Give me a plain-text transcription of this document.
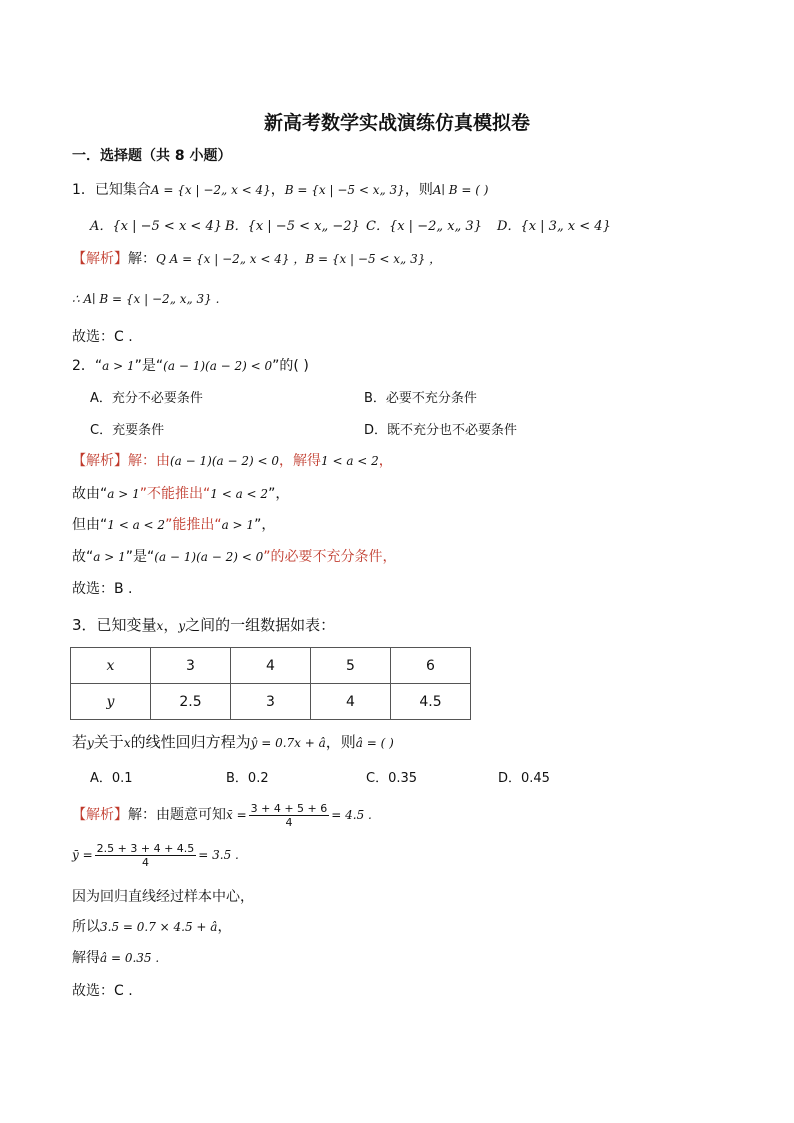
新高考数学实战演练仿真模拟卷
一．选择题（共 8 小题）
1．已知集合A = {x | −2„ x < 4}，B = {x | −5 < x„ 3}，则A∣ B = ( )
A．{x | −5 < x < 4} B．{x | −5 < x„ −2} C．{x | −2„ x„ 3} D．{x | 3„ x < 4}
【解析】解：Q A = {x | −2„ x < 4} ，B = {x | −5 < x„ 3} ，
∴ A∣ B = {x | −2„ x„ 3} .
故选：C .
2．“a > 1”是“(a − 1)(a − 2) < 0”的( )
A．充分不必要条件	B．必要不充分条件
C．充要条件	D．既不充分也不必要条件
【解析】解：由(a − 1)(a − 2) < 0，解得1 < a < 2，
故由“a > 1”不能推出“1 < a < 2”，
但由“1 < a < 2”能推出“a > 1”，
故“a > 1”是“(a − 1)(a − 2) < 0”的必要不充分条件，
故选：B .
3．已知变量x，y之间的一组数据如表：
x	3	4	5	6
y	2.5	3	4	4.5
若y关于x的线性回归方程为ŷ = 0.7x + â，则â = ( )
A．0.1	B．0.2	C．0.35	D．0.45
【解析】解：由题意可知x̄ = $\frac{3 + 4 + 5 + 6}{4} = 4.5$ .
ȳ = $\frac{2.5 + 3 + 4 + 4.5}{4} = 3.5$ .
因为回归直线经过样本中心，
所以3.5 = 0.7 × 4.5 + â，
解得â = 0.35 .
故选：C .
